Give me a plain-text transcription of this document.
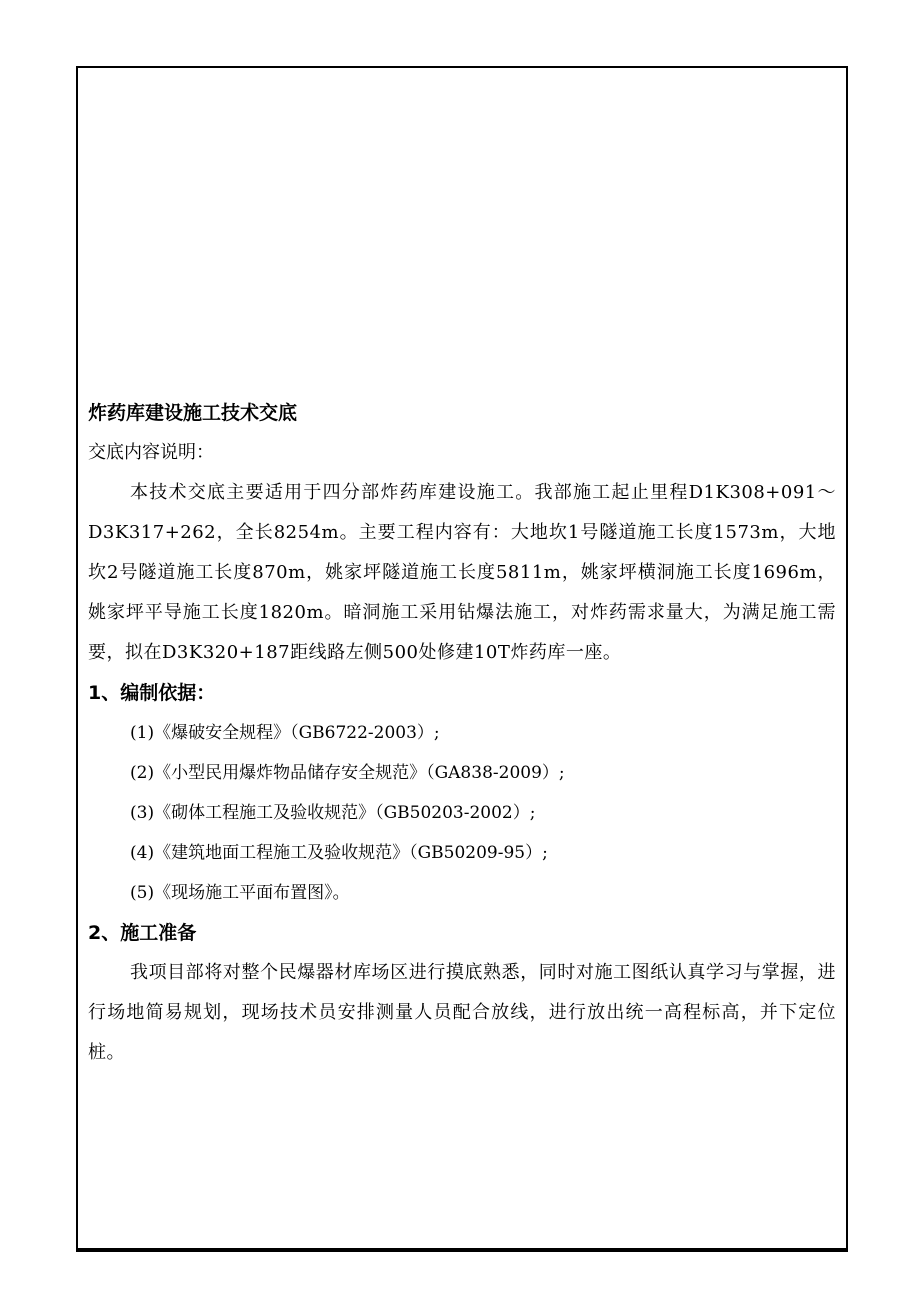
炸药库建设施工技术交底

交底内容说明：

本技术交底主要适用于四分部炸药库建设施工。我部施工起止里程D1K308+091～D3K317+262，全长8254m。主要工程内容有：大地坎1号隧道施工长度1573m，大地坎2号隧道施工长度870m，姚家坪隧道施工长度5811m，姚家坪横洞施工长度1696m，姚家坪平导施工长度1820m。暗洞施工采用钻爆法施工，对炸药需求量大，为满足施工需要，拟在D3K320+187距线路左侧500处修建10T炸药库一座。

1、编制依据：

(1)《爆破安全规程》（GB6722-2003）;

(2)《小型民用爆炸物品储存安全规范》（GA838-2009）;

(3)《砌体工程施工及验收规范》（GB50203-2002）;

(4)《建筑地面工程施工及验收规范》（GB50209-95）;

(5)《现场施工平面布置图》。

2、施工准备

我项目部将对整个民爆器材库场区进行摸底熟悉，同时对施工图纸认真学习与掌握，进行场地简易规划，现场技术员安排测量人员配合放线，进行放出统一高程标高，并下定位桩。
